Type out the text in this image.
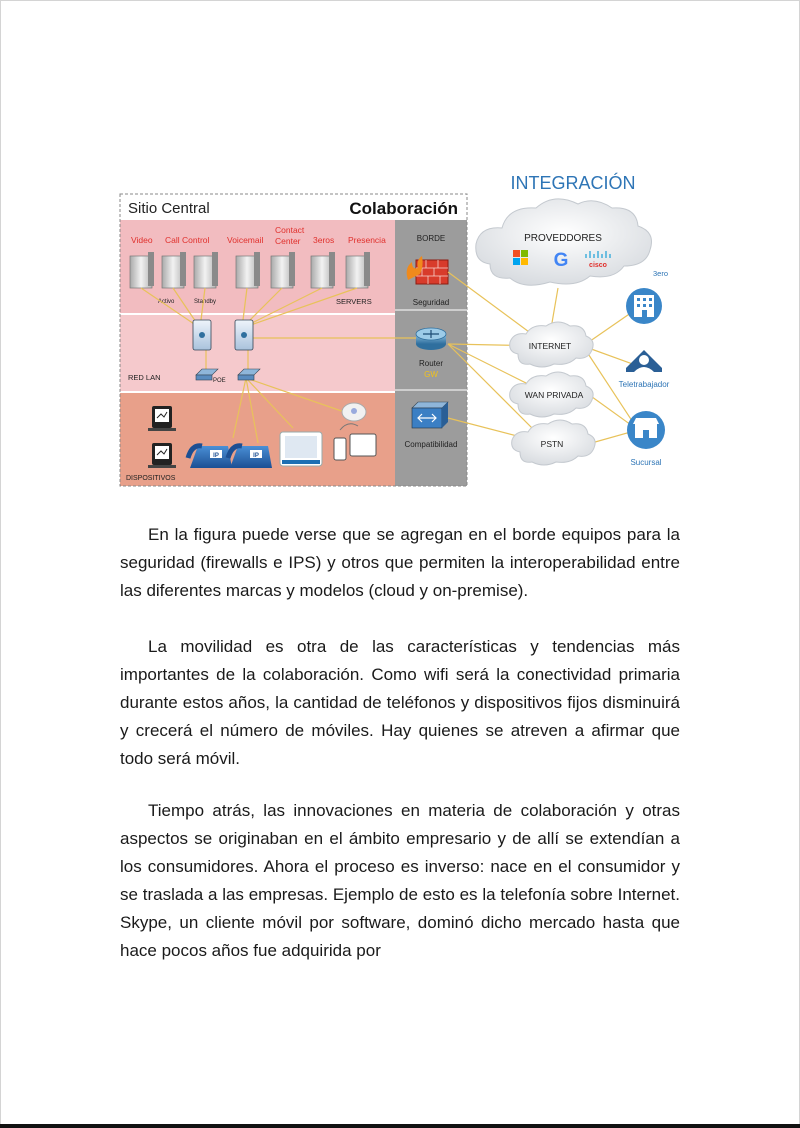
Sitio Central	Colaboración
Video Call Control Voicemail
Contact
Center 3eros Presencia
Activo	Standby	SERVERS
RED LAN	POE
IP	IP
DISPOSITIVOS
BORDE
Seguridad
Router
GW
Compatibilidad
INTEGRACIÓN
PROVEDDORES
G	cisco
INTERNET
WAN PRIVADA
PSTN
3ero
Teletrabajador
Sucursal

En la figura puede verse que se agregan en el borde equipos para la seguridad (firewalls e IPS) y otros que permiten la interoperabilidad entre las diferentes marcas y modelos (cloud y on-premise).

La movilidad es otra de las características y tendencias más importantes de la colaboración. Como wifi será la conectividad primaria durante estos años, la cantidad de teléfonos y dispositivos fijos disminuirá y crecerá el número de móviles. Hay quienes se atreven a afirmar que todo será móvil.

Tiempo atrás, las innovaciones en materia de colaboración y otras aspectos se originaban en el ámbito empresario y de allí se extendían a los consumidores. Ahora el proceso es inverso: nace en el consumidor y se traslada a las empresas. Ejemplo de esto es la telefonía sobre Internet. Skype, un cliente móvil por software, dominó dicho mercado hasta que hace pocos años fue adquirida por
